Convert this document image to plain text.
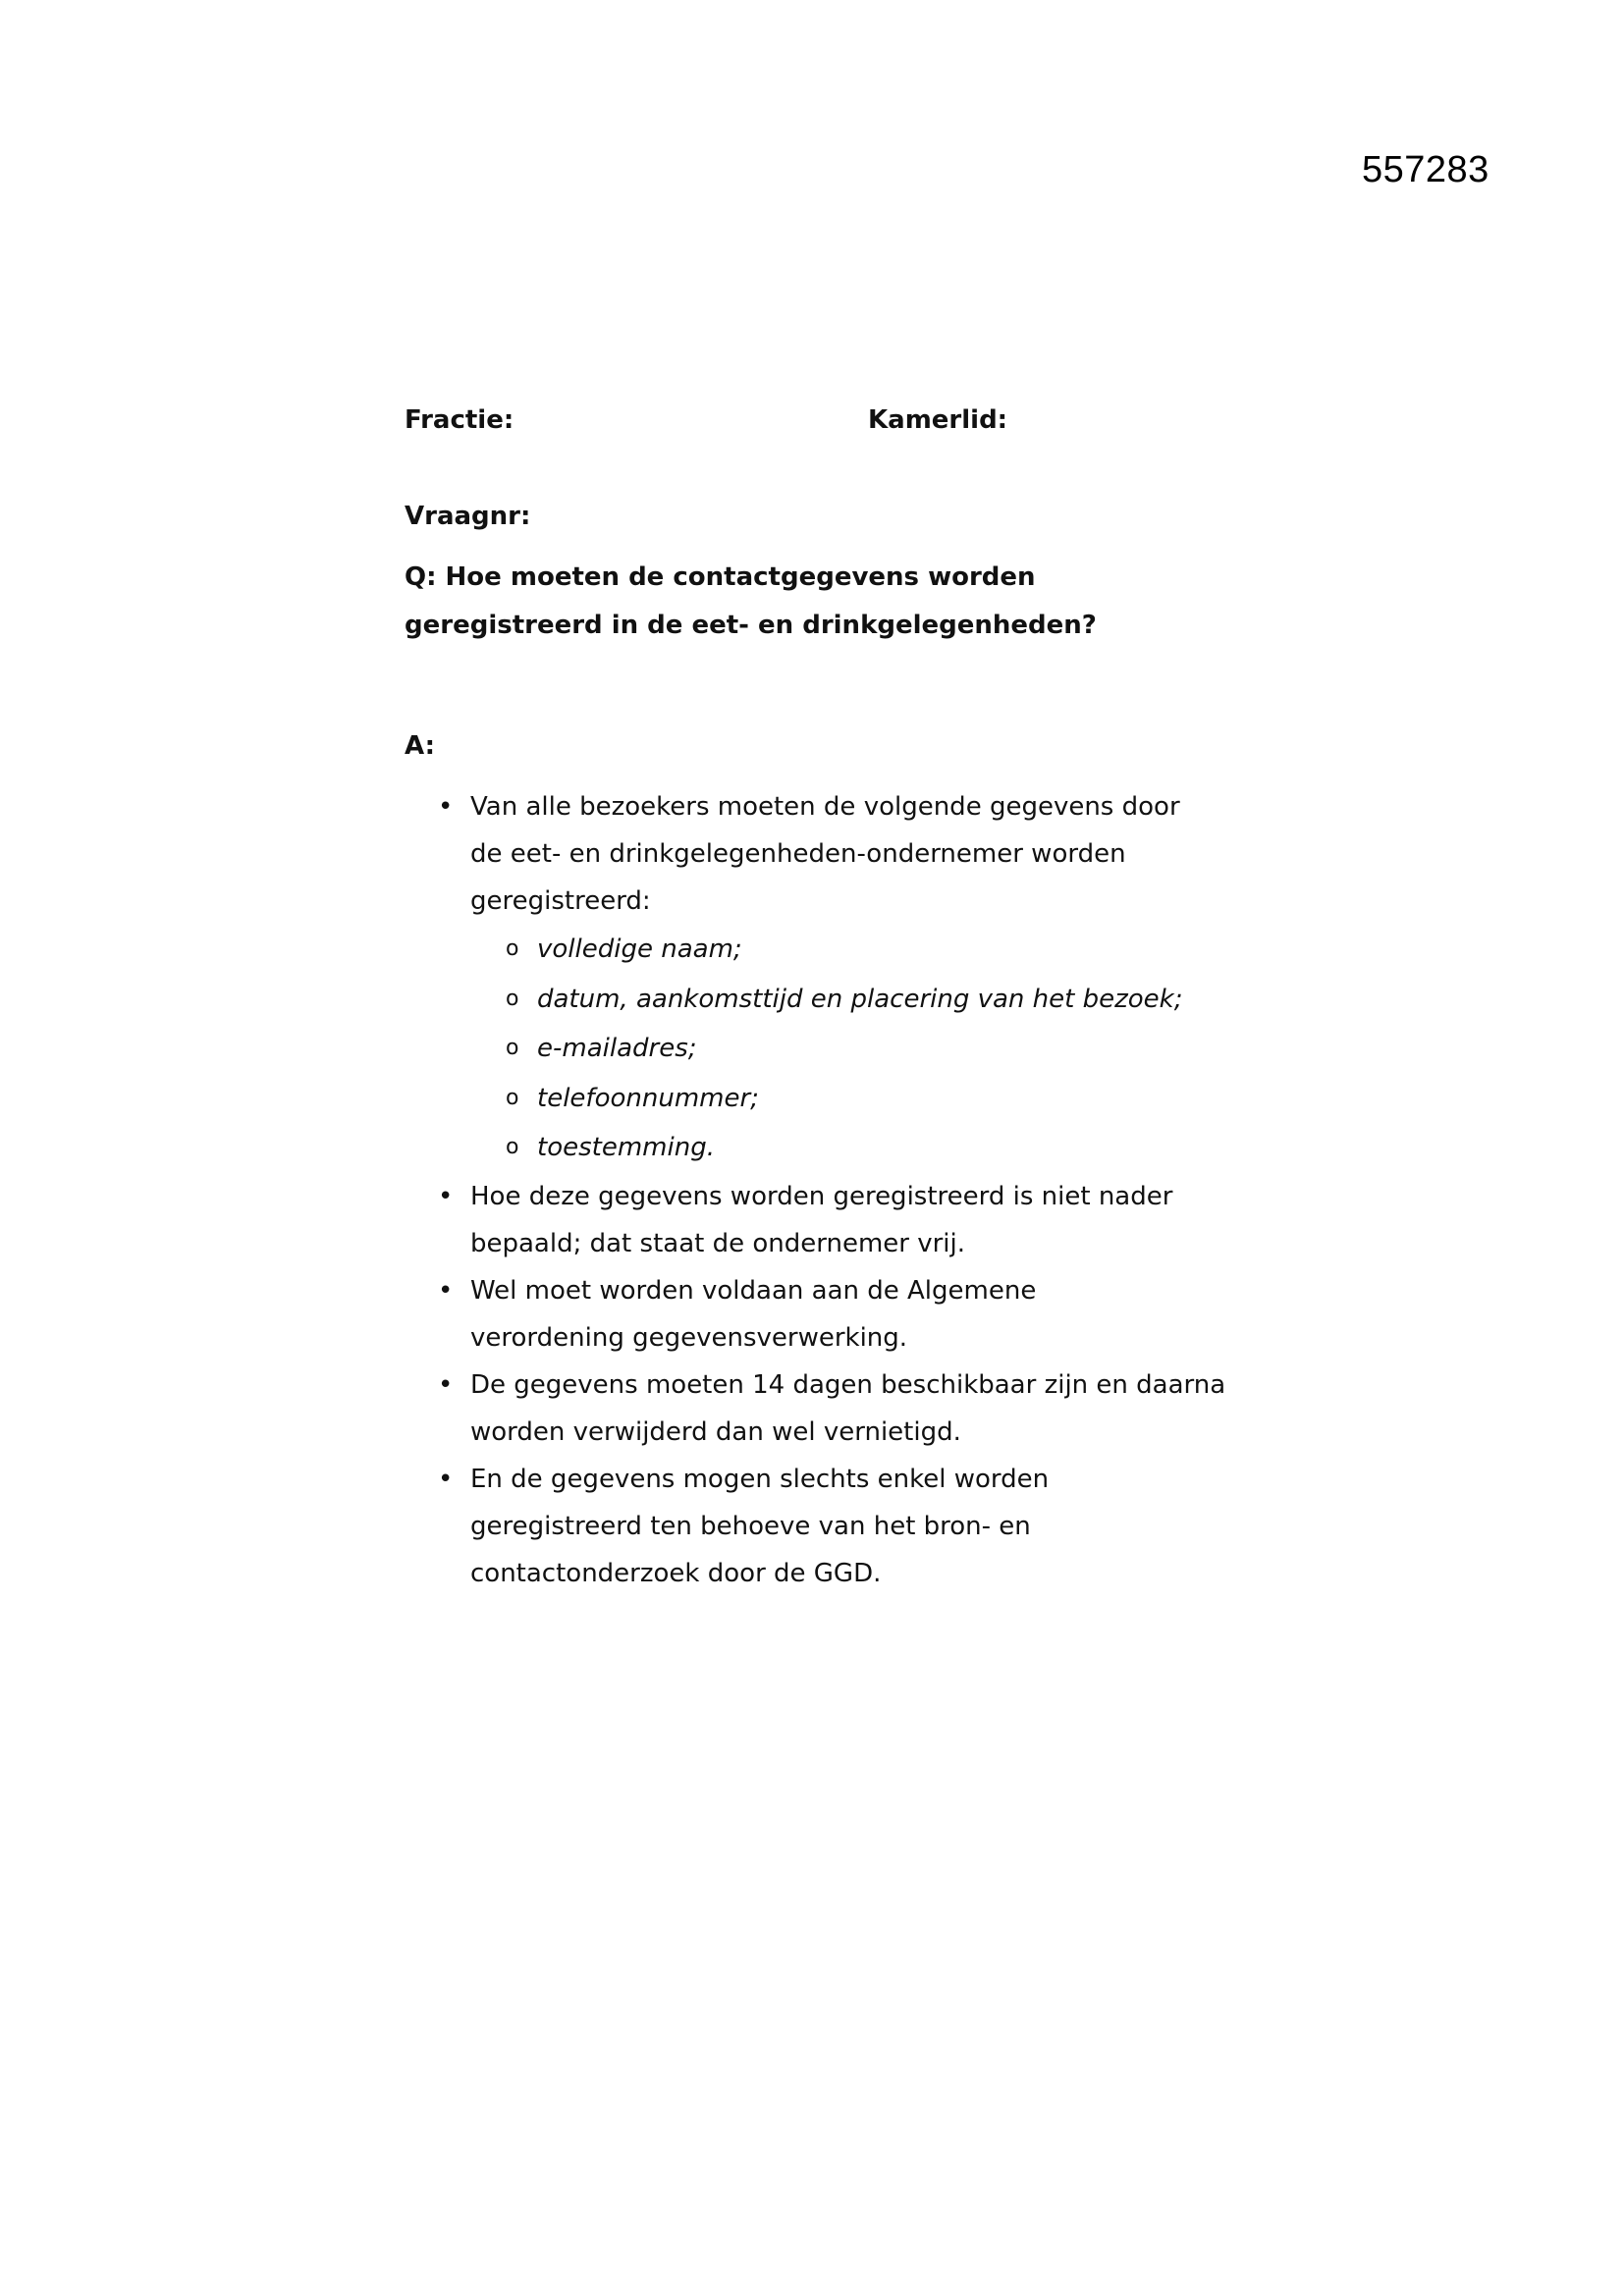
557283
Fractie:	Kamerlid:
Vraagnr:
Q: Hoe moeten de contactgegevens worden
geregistreerd in de eet- en drinkgelegenheden?
A:
• Van alle bezoekers moeten de volgende gegevens door de eet- en drinkgelegenheden-ondernemer worden geregistreerd:
o volledige naam;
o datum, aankomsttijd en placering van het bezoek;
o e-mailadres;
o telefoonnummer;
o toestemming.
• Hoe deze gegevens worden geregistreerd is niet nader bepaald; dat staat de ondernemer vrij.
• Wel moet worden voldaan aan de Algemene verordening gegevensverwerking.
• De gegevens moeten 14 dagen beschikbaar zijn en daarna worden verwijderd dan wel vernietigd.
• En de gegevens mogen slechts enkel worden geregistreerd ten behoeve van het bron- en contactonderzoek door de GGD.
